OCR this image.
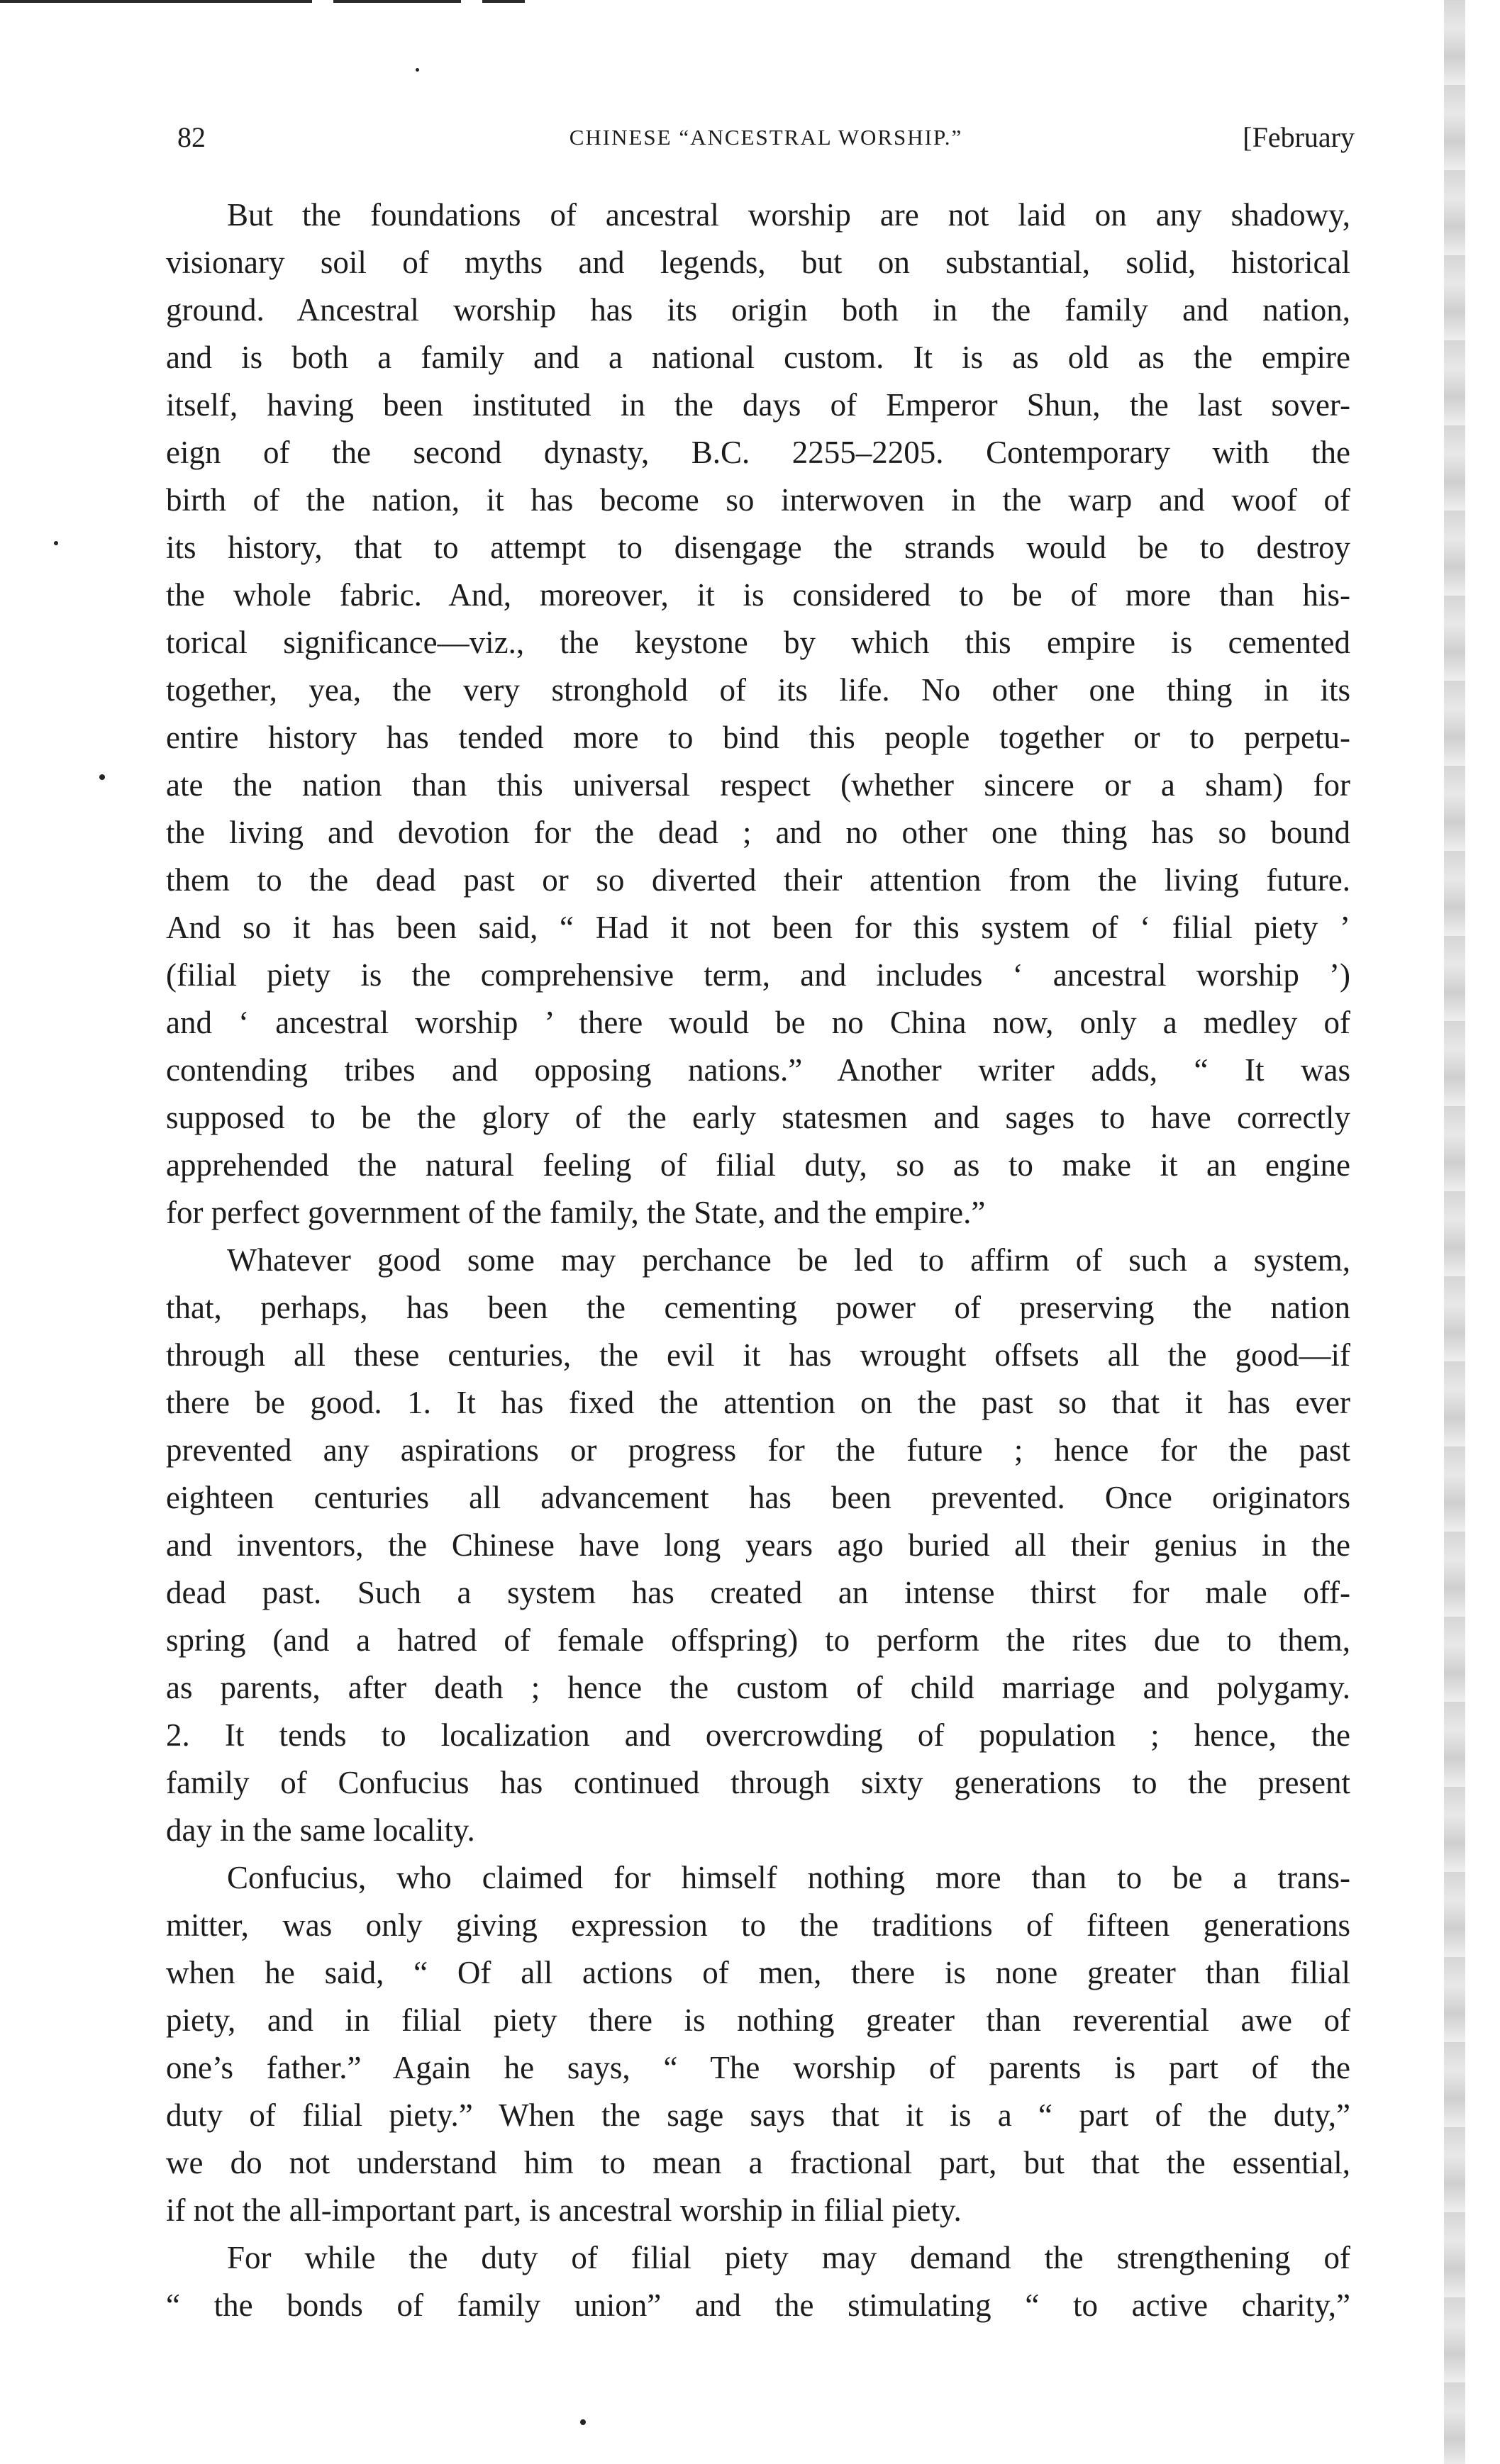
82	CHINESE “ANCESTRAL WORSHIP.”	[February

But the foundations of ancestral worship are not laid on any shadowy,

visionary soil of myths and legends, but on substantial, solid, historical

ground. Ancestral worship has its origin both in the family and nation,

and is both a family and a national custom. It is as old as the empire

itself, having been instituted in the days of Emperor Shun, the last sover-

eign of the second dynasty, B.C. 2255–2205. Contemporary with the

birth of the nation, it has become so interwoven in the warp and woof of

its history, that to attempt to disengage the strands would be to destroy

the whole fabric. And, moreover, it is considered to be of more than his-

torical significance—viz., the keystone by which this empire is cemented

together, yea, the very stronghold of its life. No other one thing in its

entire history has tended more to bind this people together or to perpetu-

ate the nation than this universal respect (whether sincere or a sham) for

the living and devotion for the dead ; and no other one thing has so bound

them to the dead past or so diverted their attention from the living future.

And so it has been said, “ Had it not been for this system of ‘ filial piety ’

(filial piety is the comprehensive term, and includes ‘ ancestral worship ’)

and ‘ ancestral worship ’ there would be no China now, only a medley of

contending tribes and opposing nations.” Another writer adds, “ It was

supposed to be the glory of the early statesmen and sages to have correctly

apprehended the natural feeling of filial duty, so as to make it an engine

for perfect government of the family, the State, and the empire.”

Whatever good some may perchance be led to affirm of such a system,

that, perhaps, has been the cementing power of preserving the nation

through all these centuries, the evil it has wrought offsets all the good—if

there be good. 1. It has fixed the attention on the past so that it has ever

prevented any aspirations or progress for the future ; hence for the past

eighteen centuries all advancement has been prevented. Once originators

and inventors, the Chinese have long years ago buried all their genius in the

dead past. Such a system has created an intense thirst for male off-

spring (and a hatred of female offspring) to perform the rites due to them,

as parents, after death ; hence the custom of child marriage and polygamy.

2. It tends to localization and overcrowding of population ; hence, the

family of Confucius has continued through sixty generations to the present

day in the same locality.

Confucius, who claimed for himself nothing more than to be a trans-

mitter, was only giving expression to the traditions of fifteen generations

when he said, “ Of all actions of men, there is none greater than filial

piety, and in filial piety there is nothing greater than reverential awe of

one’s father.” Again he says, “ The worship of parents is part of the

duty of filial piety.” When the sage says that it is a “ part of the duty,”

we do not understand him to mean a fractional part, but that the essential,

if not the all-important part, is ancestral worship in filial piety.

For while the duty of filial piety may demand the strengthening of

“ the bonds of family union” and the stimulating “ to active charity,”
